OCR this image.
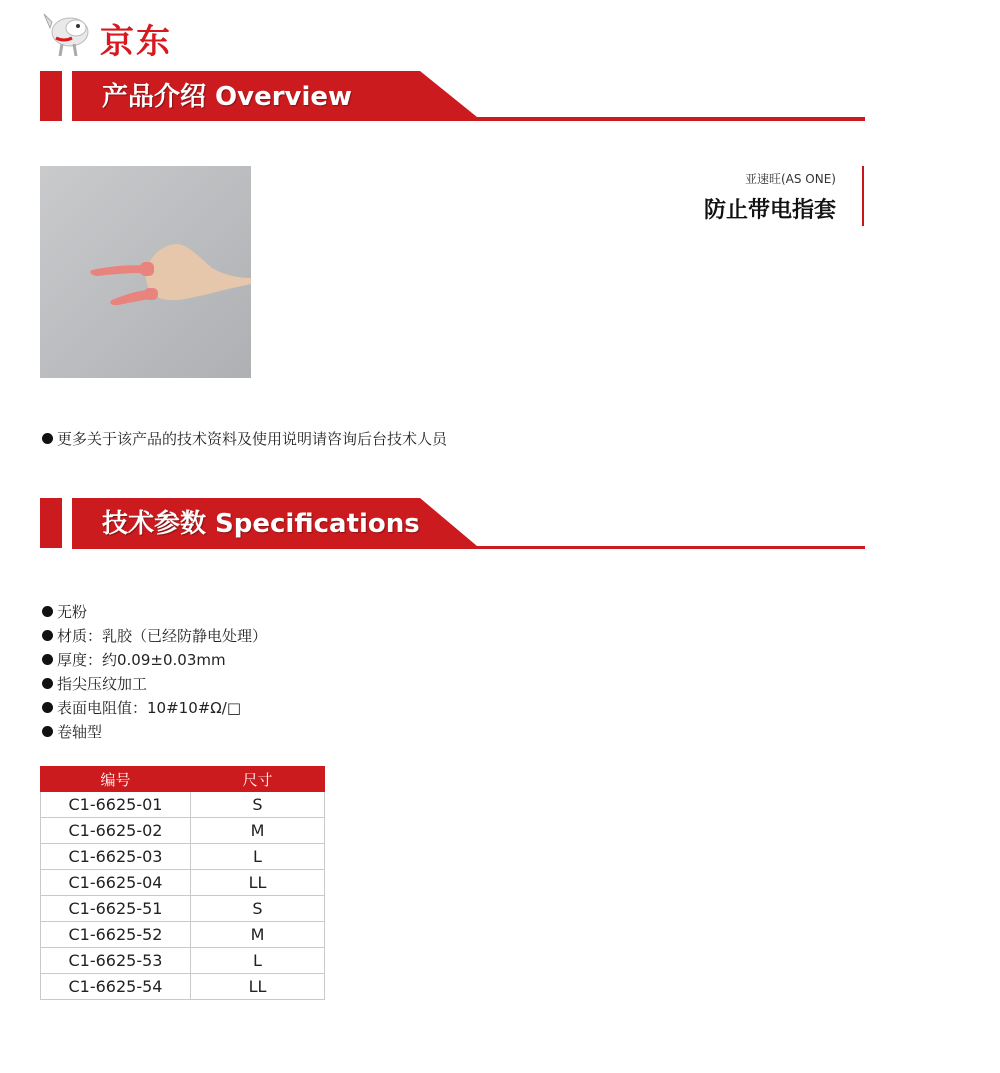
京东
产品介绍 Overview
亚速旺(AS ONE)
防止带电指套
更多关于该产品的技术资料及使用说明请咨询后台技术人员
技术参数 Specifications
无粉
材质：乳胶（已经防静电处理）
厚度：约0.09±0.03mm
指尖压纹加工
表面电阻值：10#10#Ω/□
卷轴型
编号	尺寸
C1-6625-01	S
C1-6625-02	M
C1-6625-03	L
C1-6625-04	LL
C1-6625-51	S
C1-6625-52	M
C1-6625-53	L
C1-6625-54	LL
